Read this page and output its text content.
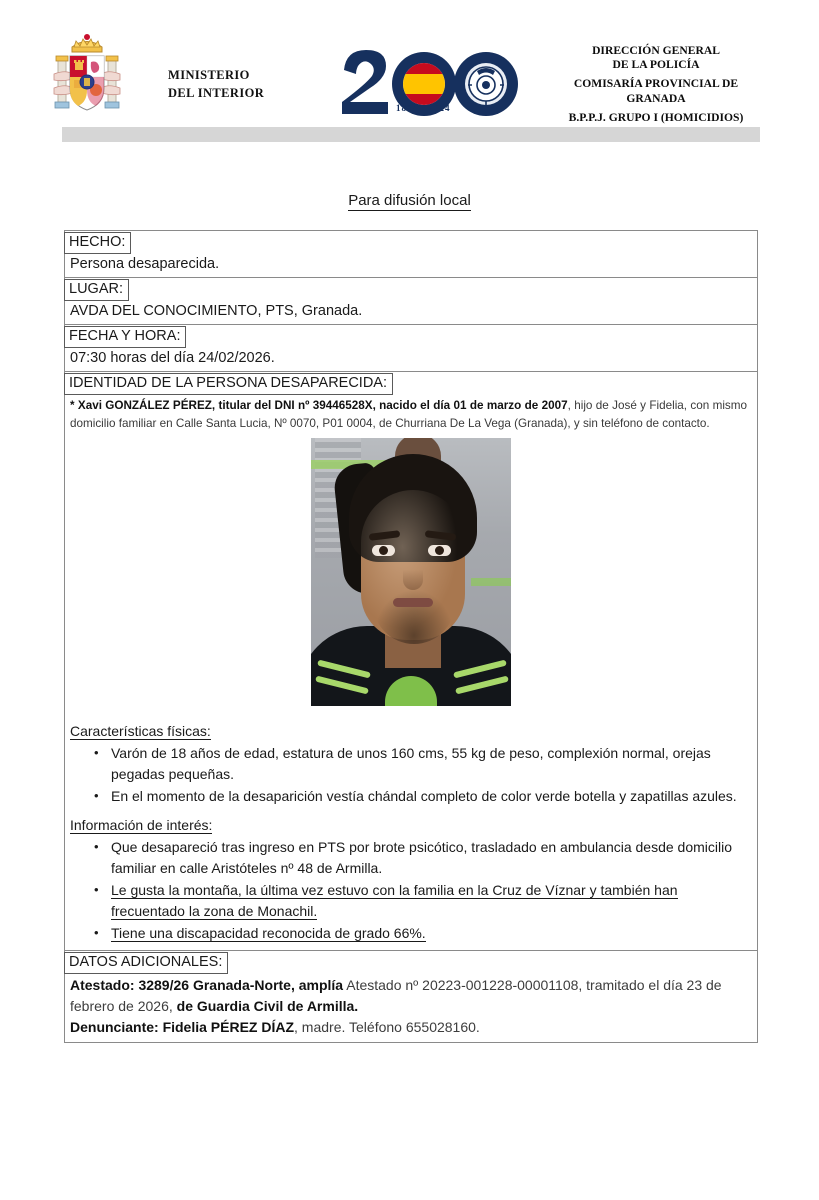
MINISTERIO
DEL INTERIOR
1824 · 2024
DIRECCIÓN GENERAL
DE LA POLICÍA
COMISARÍA PROVINCIAL DE
GRANADA
B.P.P.J. GRUPO I (HOMICIDIOS)
Para difusión local
HECHO:
Persona desaparecida.
LUGAR:
AVDA DEL CONOCIMIENTO, PTS, Granada.
FECHA Y HORA:
07:30 horas del día 24/02/2026.
IDENTIDAD DE LA PERSONA DESAPARECIDA:
* Xavi GONZÁLEZ PÉREZ, titular del DNI nº 39446528X, nacido el día 01 de marzo de 2007, hijo de José y Fidelia, con mismo domicilio familiar en Calle Santa Lucia, Nº 0070, P01 0004, de Churriana De La Vega (Granada), y sin teléfono de contacto.
Características físicas:
• Varón de 18 años de edad, estatura de unos 160 cms, 55 kg de peso, complexión normal, orejas pegadas pequeñas.
• En el momento de la desaparición vestía chándal completo de color verde botella y zapatillas azules.
Información de interés:
• Que desapareció tras ingreso en PTS por brote psicótico, trasladado en ambulancia desde domicilio familiar en calle Aristóteles nº 48 de Armilla.
• Le gusta la montaña, la última vez estuvo con la familia en la Cruz de Víznar y también han frecuentado la zona de Monachil.
• Tiene una discapacidad reconocida de grado 66%.
DATOS ADICIONALES:
Atestado: 3289/26 Granada-Norte, amplía Atestado nº 20223-001228-00001108, tramitado el día 23 de febrero de 2026, de Guardia Civil de Armilla.
Denunciante: Fidelia PÉREZ DÍAZ, madre. Teléfono 655028160.
